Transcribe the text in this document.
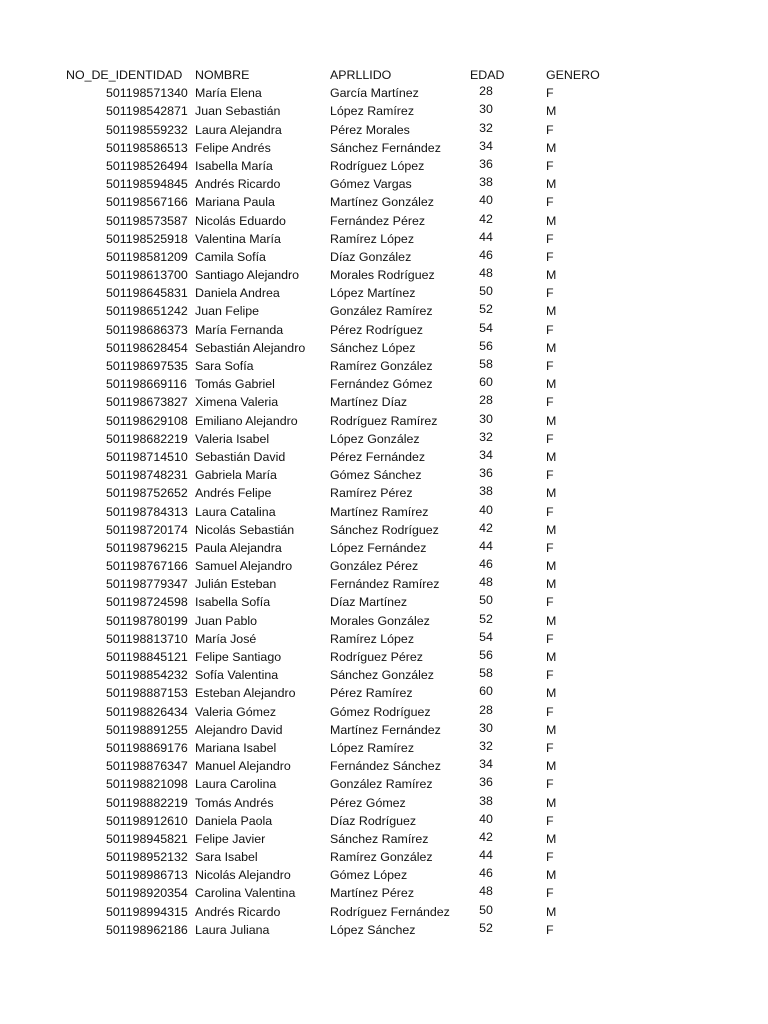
NO_DE_IDENTIDAD NOMBRE	APRLLIDO	EDAD	GENERO
501198571340 María Elena	García Martínez	28	F
501198542871 Juan Sebastián	López Ramírez	30	M
501198559232 Laura Alejandra	Pérez Morales	32	F
501198586513 Felipe Andrés	Sánchez Fernández	34	M
501198526494 Isabella María	Rodríguez López	36	F
501198594845 Andrés Ricardo	Gómez Vargas	38	M
501198567166 Mariana Paula	Martínez González	40	F
501198573587 Nicolás Eduardo	Fernández Pérez	42	M
501198525918 Valentina María	Ramírez López	44	F
501198581209 Camila Sofía	Díaz González	46	F
501198613700 Santiago Alejandro	Morales Rodríguez	48	M
501198645831 Daniela Andrea	López Martínez	50	F
501198651242 Juan Felipe	González Ramírez	52	M
501198686373 María Fernanda	Pérez Rodríguez	54	F
501198628454 Sebastián Alejandro	Sánchez López	56	M
501198697535 Sara Sofía	Ramírez González	58	F
501198669116 Tomás Gabriel	Fernández Gómez	60	M
501198673827 Ximena Valeria	Martínez Díaz	28	F
501198629108 Emiliano Alejandro	Rodríguez Ramírez	30	M
501198682219 Valeria Isabel	López González	32	F
501198714510 Sebastián David	Pérez Fernández	34	M
501198748231 Gabriela María	Gómez Sánchez	36	F
501198752652 Andrés Felipe	Ramírez Pérez	38	M
501198784313 Laura Catalina	Martínez Ramírez	40	F
501198720174 Nicolás Sebastián	Sánchez Rodríguez	42	M
501198796215 Paula Alejandra	López Fernández	44	F
501198767166 Samuel Alejandro	González Pérez	46	M
501198779347 Julián Esteban	Fernández Ramírez	48	M
501198724598 Isabella Sofía	Díaz Martínez	50	F
501198780199 Juan Pablo	Morales González	52	M
501198813710 María José	Ramírez López	54	F
501198845121 Felipe Santiago	Rodríguez Pérez	56	M
501198854232 Sofía Valentina	Sánchez González	58	F
501198887153 Esteban Alejandro	Pérez Ramírez	60	M
501198826434 Valeria Gómez	Gómez Rodríguez	28	F
501198891255 Alejandro David	Martínez Fernández	30	M
501198869176 Mariana Isabel	López Ramírez	32	F
501198876347 Manuel Alejandro	Fernández Sánchez	34	M
501198821098 Laura Carolina	González Ramírez	36	F
501198882219 Tomás Andrés	Pérez Gómez	38	M
501198912610 Daniela Paola	Díaz Rodríguez	40	F
501198945821 Felipe Javier	Sánchez Ramírez	42	M
501198952132 Sara Isabel	Ramírez González	44	F
501198986713 Nicolás Alejandro	Gómez López	46	M
501198920354 Carolina Valentina	Martínez Pérez	48	F
501198994315 Andrés Ricardo	Rodríguez Fernández	50	M
501198962186 Laura Juliana	López Sánchez	52	F
